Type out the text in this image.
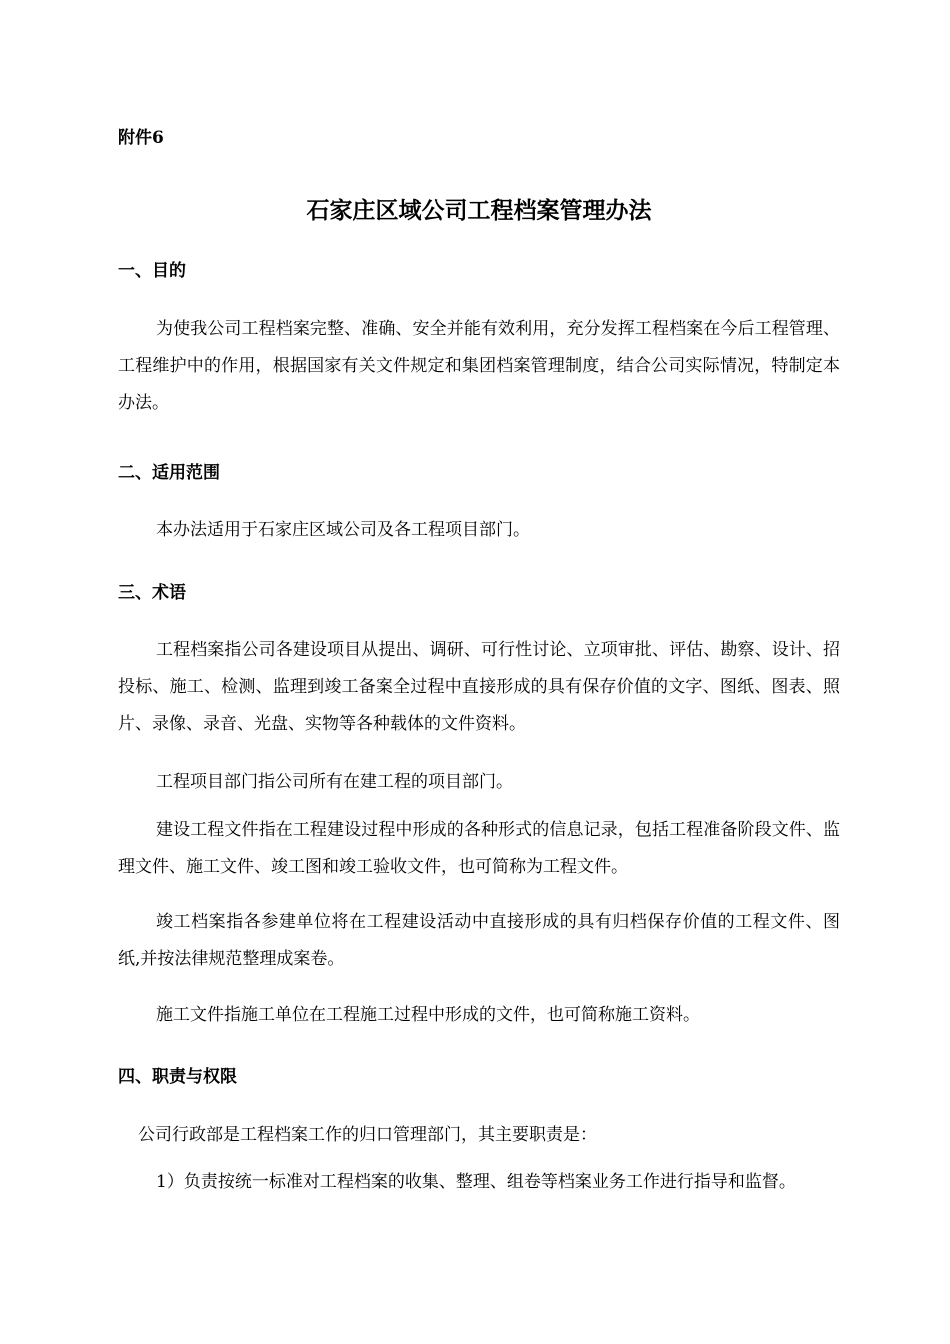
附件6
石家庄区域公司工程档案管理办法
一、目的

为使我公司工程档案完整、准确、安全并能有效利用，充分发挥工程档案在今后工程管理、工程维护中的作用，根据国家有关文件规定和集团档案管理制度，结合公司实际情况，特制定本办法。

二、适用范围

本办法适用于石家庄区域公司及各工程项目部门。

三、术语

工程档案指公司各建设项目从提出、调研、可行性讨论、立项审批、评估、勘察、设计、招投标、施工、检测、监理到竣工备案全过程中直接形成的具有保存价值的文字、图纸、图表、照片、录像、录音、光盘、实物等各种载体的文件资料。

工程项目部门指公司所有在建工程的项目部门。

建设工程文件指在工程建设过程中形成的各种形式的信息记录，包括工程准备阶段文件、监理文件、施工文件、竣工图和竣工验收文件，也可简称为工程文件。

竣工档案指各参建单位将在工程建设活动中直接形成的具有归档保存价值的工程文件、图纸,并按法律规范整理成案卷。

施工文件指施工单位在工程施工过程中形成的文件，也可简称施工资料。

四、职责与权限

公司行政部是工程档案工作的归口管理部门，其主要职责是：

1）负责按统一标准对工程档案的收集、整理、组卷等档案业务工作进行指导和监督。
